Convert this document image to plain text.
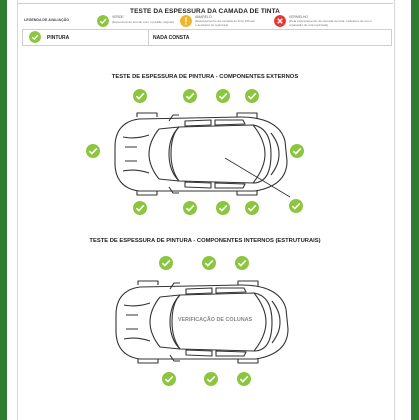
TESTE DA ESPESSURA DA CAMADA DE TINTA
LEGENDA DE AVALIAÇÃO
VERDE
(Espessura de acordo com o padrão original)
AMARELO
(Espessamento da camada de tinta 160 até o aceitável de repintura)
VERMELHO
(Pela espessamento da camada de tinta. Indicativo de uso e reparação de reta repintado)
PINTURA	NADA CONSTA
TESTE DE ESPESSURA DE PINTURA - COMPONENTES EXTERNOS
TESTE DE ESPESSURA DE PINTURA - COMPONENTES INTERNOS (ESTRUTURAIS)
VERIFICAÇÃO DE COLUNAS
